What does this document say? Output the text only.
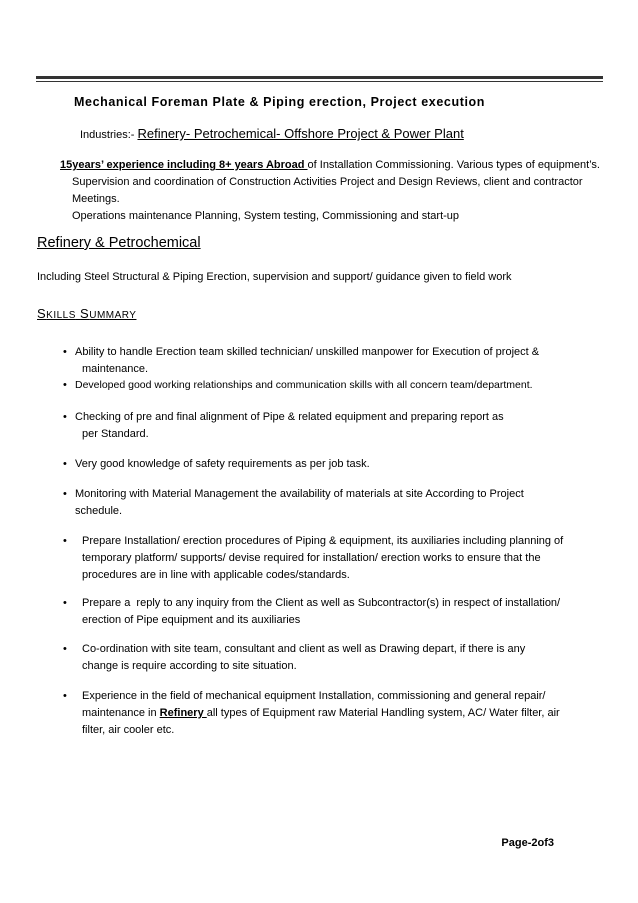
Mechanical Foreman Plate & Piping erection, Project execution
Industries:- Refinery- Petrochemical- Offshore Project & Power Plant
15years’ experience including 8+ years Abroad of Installation Commissioning. Various types of equipment’s.
Supervision and coordination of Construction Activities Project and Design Reviews, client and contractor
Meetings.
Operations maintenance Planning, System testing, Commissioning and start-up
Refinery & Petrochemical
Including Steel Structural & Piping Erection, supervision and support/ guidance given to field work
SKILLS SUMMARY
• Ability to handle Erection team skilled technician/ unskilled manpower for Execution of project &
maintenance.
• Developed good working relationships and communication skills with all concern team/department.
• Checking of pre and final alignment of Pipe & related equipment and preparing report as
per Standard.
• Very good knowledge of safety requirements as per job task.
• Monitoring with Material Management the availability of materials at site According to Project
schedule.
• Prepare Installation/ erection procedures of Piping & equipment, its auxiliaries including planning of
temporary platform/ supports/ devise required for installation/ erection works to ensure that the
procedures are in line with applicable codes/standards.
• Prepare a  reply to any inquiry from the Client as well as Subcontractor(s) in respect of installation/
erection of Pipe equipment and its auxiliaries
• Co-ordination with site team, consultant and client as well as Drawing depart, if there is any
change is require according to site situation.
• Experience in the field of mechanical equipment Installation, commissioning and general repair/
maintenance in Refinery all types of Equipment raw Material Handling system, AC/ Water filter, air
filter, air cooler etc.
Page-2of3
